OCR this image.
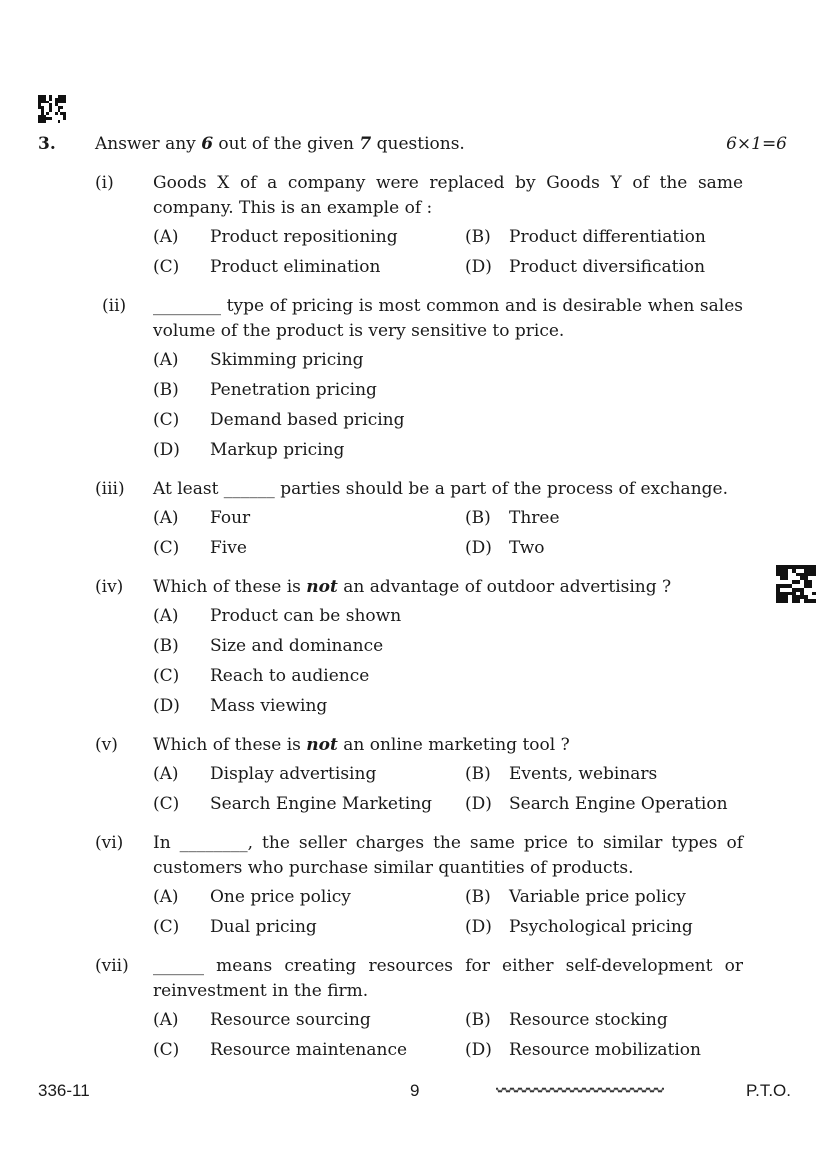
3. Answer any 6 out of the given 7 questions.	6×1=6
(i) Goods X of a company were replaced by Goods Y of the same company. This is an example of :
(A) Product repositioning	(B) Product differentiation
(C) Product elimination	(D) Product diversification
(ii) ________ type of pricing is most common and is desirable when sales volume of the product is very sensitive to price.
(A) Skimming pricing
(B) Penetration pricing
(C) Demand based pricing
(D) Markup pricing
(iii) At least ______ parties should be a part of the process of exchange.
(A) Four	(B) Three
(C) Five	(D) Two
(iv) Which of these is not an advantage of outdoor advertising ?
(A) Product can be shown
(B) Size and dominance
(C) Reach to audience
(D) Mass viewing
(v) Which of these is not an online marketing tool ?
(A) Display advertising	(B) Events, webinars
(C) Search Engine Marketing (D) Search Engine Operation
(vi) In ________, the seller charges the same price to similar types of customers who purchase similar quantities of products.
(A) One price policy	(B) Variable price policy
(C) Dual pricing	(D) Psychological pricing
(vii) ______ means creating resources for either self-development or reinvestment in the firm.
(A) Resource sourcing	(B) Resource stocking
(C) Resource maintenance	(D) Resource mobilization
336-11	9	P.T.O.
